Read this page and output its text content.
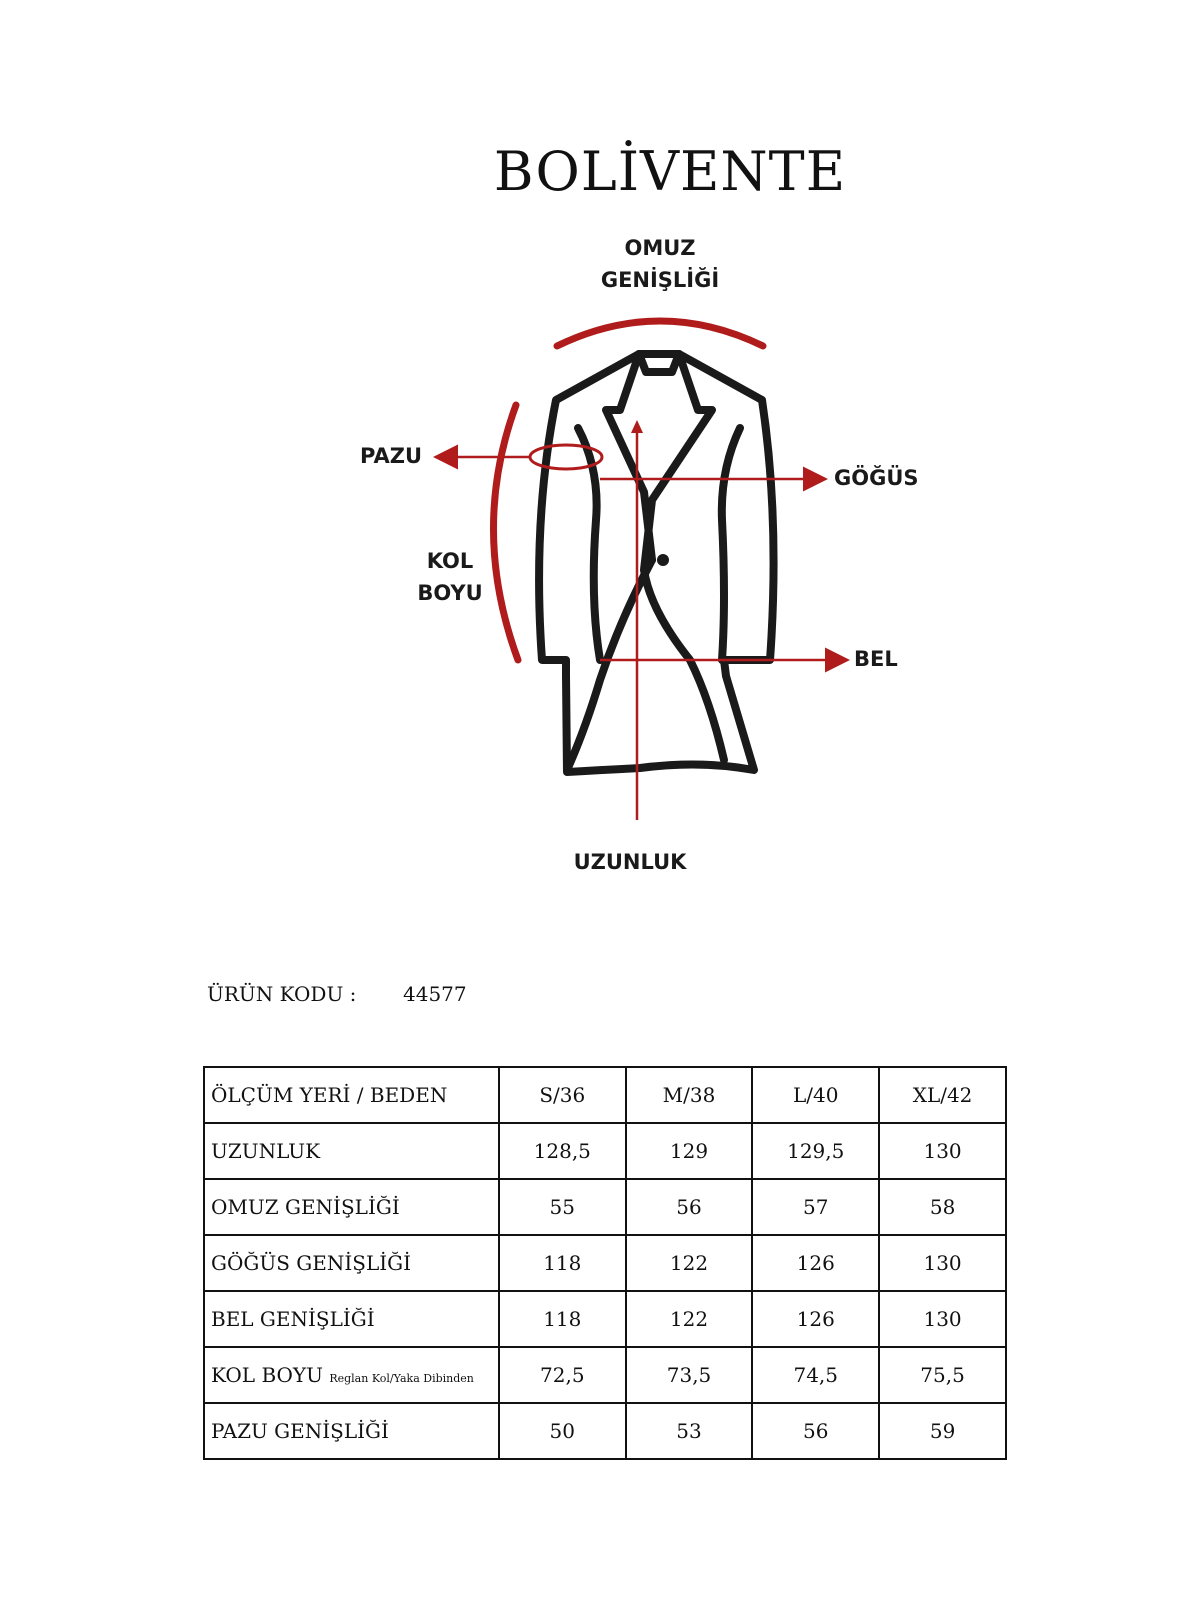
BOLİVENTE
OMUZ
GENİŞLİĞİ
PAZU
GÖĞÜS
KOL
BOYU
BEL
UZUNLUK
ÜRÜN KODU : 44577
ÖLÇÜM YERİ / BEDEN	S/36	M/38	L/40	XL/42
UZUNLUK	128,5	129	129,5	130
OMUZ GENİŞLİĞİ	55	56	57	58
GÖĞÜS GENİŞLİĞİ	118	122	126	130
BEL GENİŞLİĞİ	118	122	126	130
KOL BOYU Reglan Kol/Yaka Dibinden	72,5	73,5	74,5	75,5
PAZU GENİŞLİĞİ	50	53	56	59
